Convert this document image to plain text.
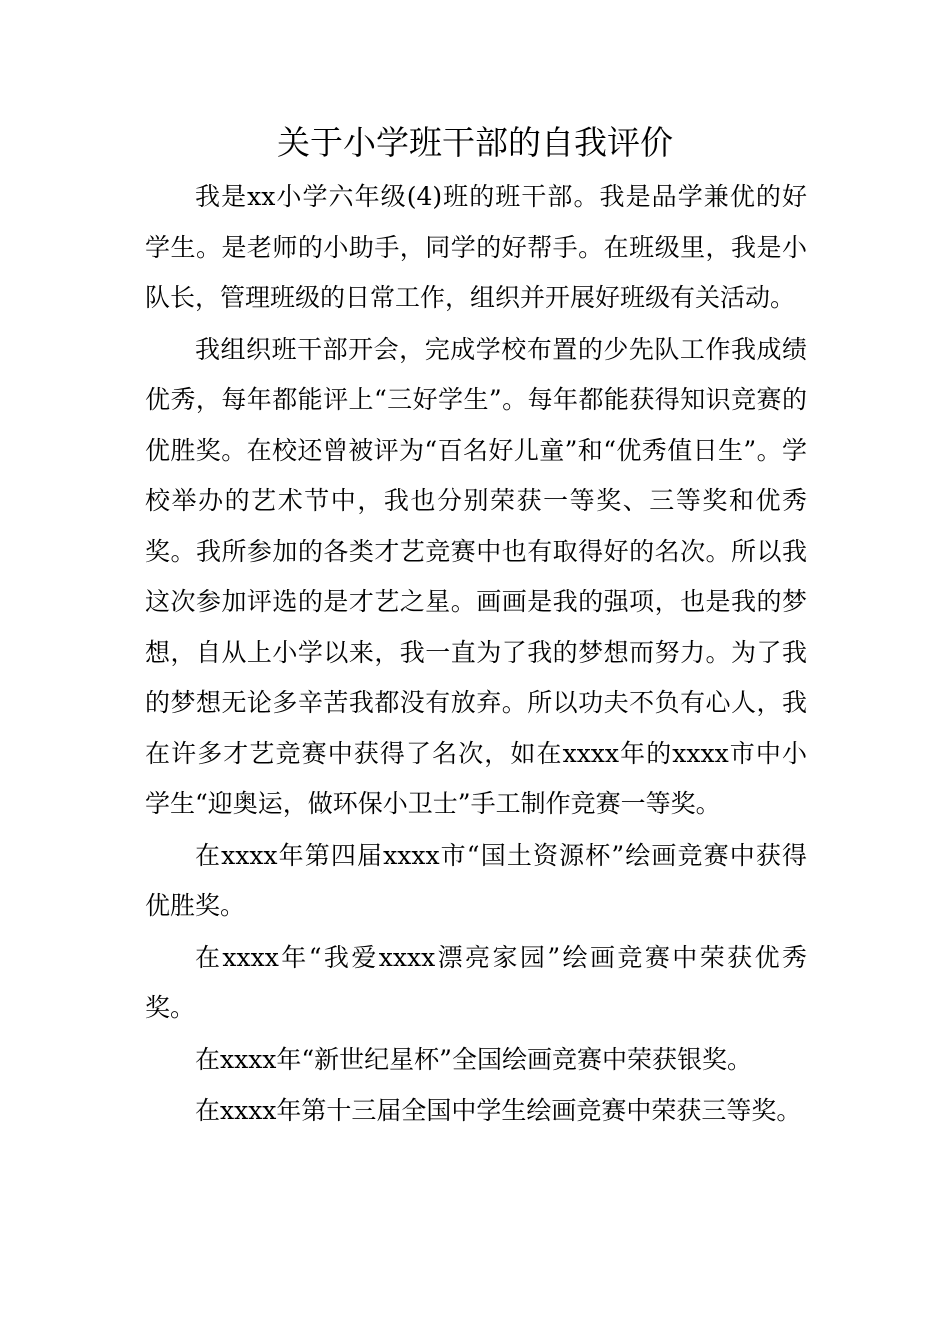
关于小学班干部的自我评价

我是xx小学六年级(4)班的班干部。我是品学兼优的好学生。是老师的小助手，同学的好帮手。在班级里，我是小队长，管理班级的日常工作，组织并开展好班级有关活动。

我组织班干部开会，完成学校布置的少先队工作我成绩优秀，每年都能评上“三好学生”。每年都能获得知识竞赛的优胜奖。在校还曾被评为“百名好儿童”和“优秀值日生”。学校举办的艺术节中，我也分别荣获一等奖、三等奖和优秀奖。我所参加的各类才艺竞赛中也有取得好的名次。所以我这次参加评选的是才艺之星。画画是我的强项，也是我的梦想，自从上小学以来，我一直为了我的梦想而努力。为了我的梦想无论多辛苦我都没有放弃。所以功夫不负有心人，我在许多才艺竞赛中获得了名次，如在xxxx年的xxxx市中小学生“迎奥运，做环保小卫士”手工制作竞赛一等奖。

在xxxx年第四届xxxx市“国土资源杯”绘画竞赛中获得优胜奖。

在xxxx年“我爱xxxx漂亮家园”绘画竞赛中荣获优秀奖。

在xxxx年“新世纪星杯”全国绘画竞赛中荣获银奖。

在xxxx年第十三届全国中学生绘画竞赛中荣获三等奖。
